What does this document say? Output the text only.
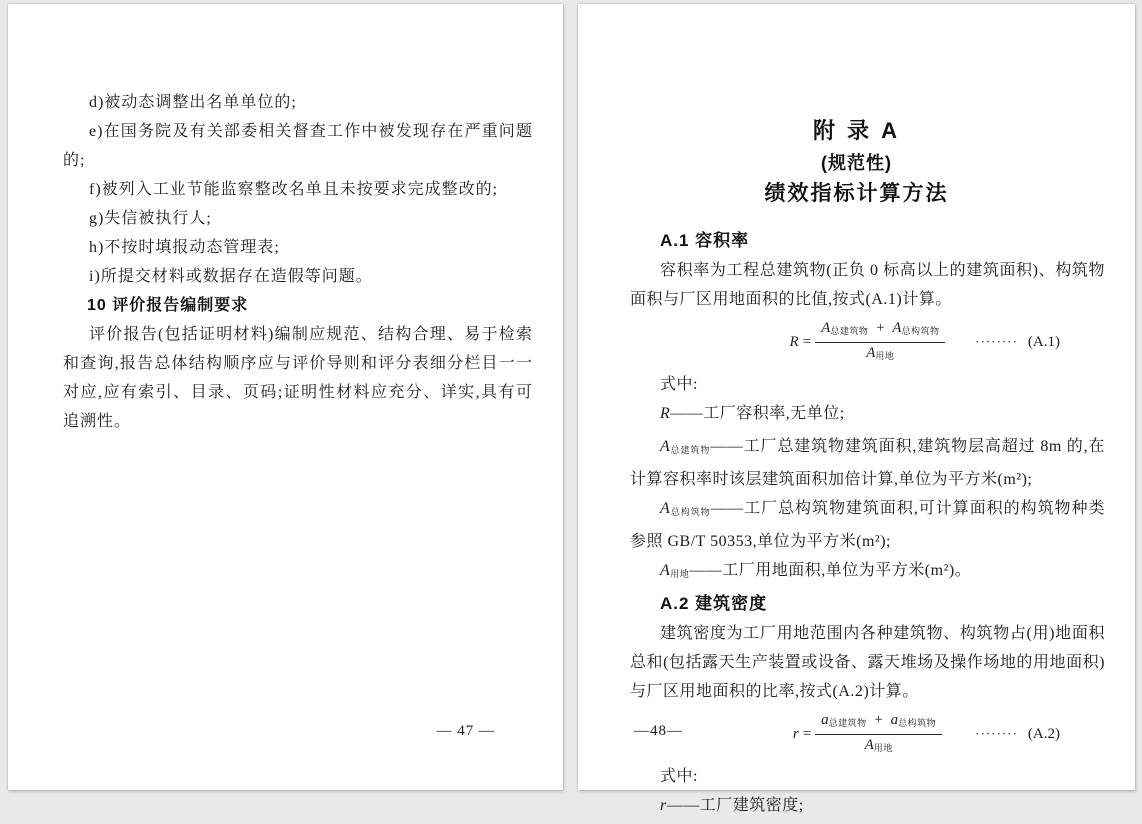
d)被动态调整出名单单位的;

e)在国务院及有关部委相关督查工作中被发现存在严重问题的;

f)被列入工业节能监察整改名单且未按要求完成整改的;

g)失信被执行人;

h)不按时填报动态管理表;

i)所提交材料或数据存在造假等问题。

10 评价报告编制要求

评价报告(包括证明材料)编制应规范、结构合理、易于检索和查询,报告总体结构顺序应与评价导则和评分表细分栏目一一对应,应有索引、目录、页码;证明性材料应充分、详实,具有可追溯性。

— 47 —
附 录 A
(规范性)
绩效指标计算方法
A.1 容积率

容积率为工程总建筑物(正负 0 标高以上的建筑面积)、构筑物面积与厂区用地面积的比值,按式(A.1)计算。

$R = \frac{A_{总建筑物} + A_{总构筑物}}{A_{用地}}$ ········ (A.1)

式中:

R——工厂容积率,无单位;

$A_{总建筑物}——$工厂总建筑物建筑面积,建筑物层高超过 8m 的,在计算容积率时该层建筑面积加倍计算,单位为平方米(m²);

$A_{总构筑物}——$工厂总构筑物建筑面积,可计算面积的构筑物种类参照 GB/T 50353,单位为平方米(m²);

$A_{用地}——$工厂用地面积,单位为平方米(m²)。

A.2 建筑密度

建筑密度为工厂用地范围内各种建筑物、构筑物占(用)地面积总和(包括露天生产装置或设备、露天堆场及操作场地的用地面积)与厂区用地面积的比率,按式(A.2)计算。

$r = \frac{a_{总建筑物} + a_{总构筑物}}{A_{用地}}$	········ (A.2)

式中:

r——工厂建筑密度;

—48—
